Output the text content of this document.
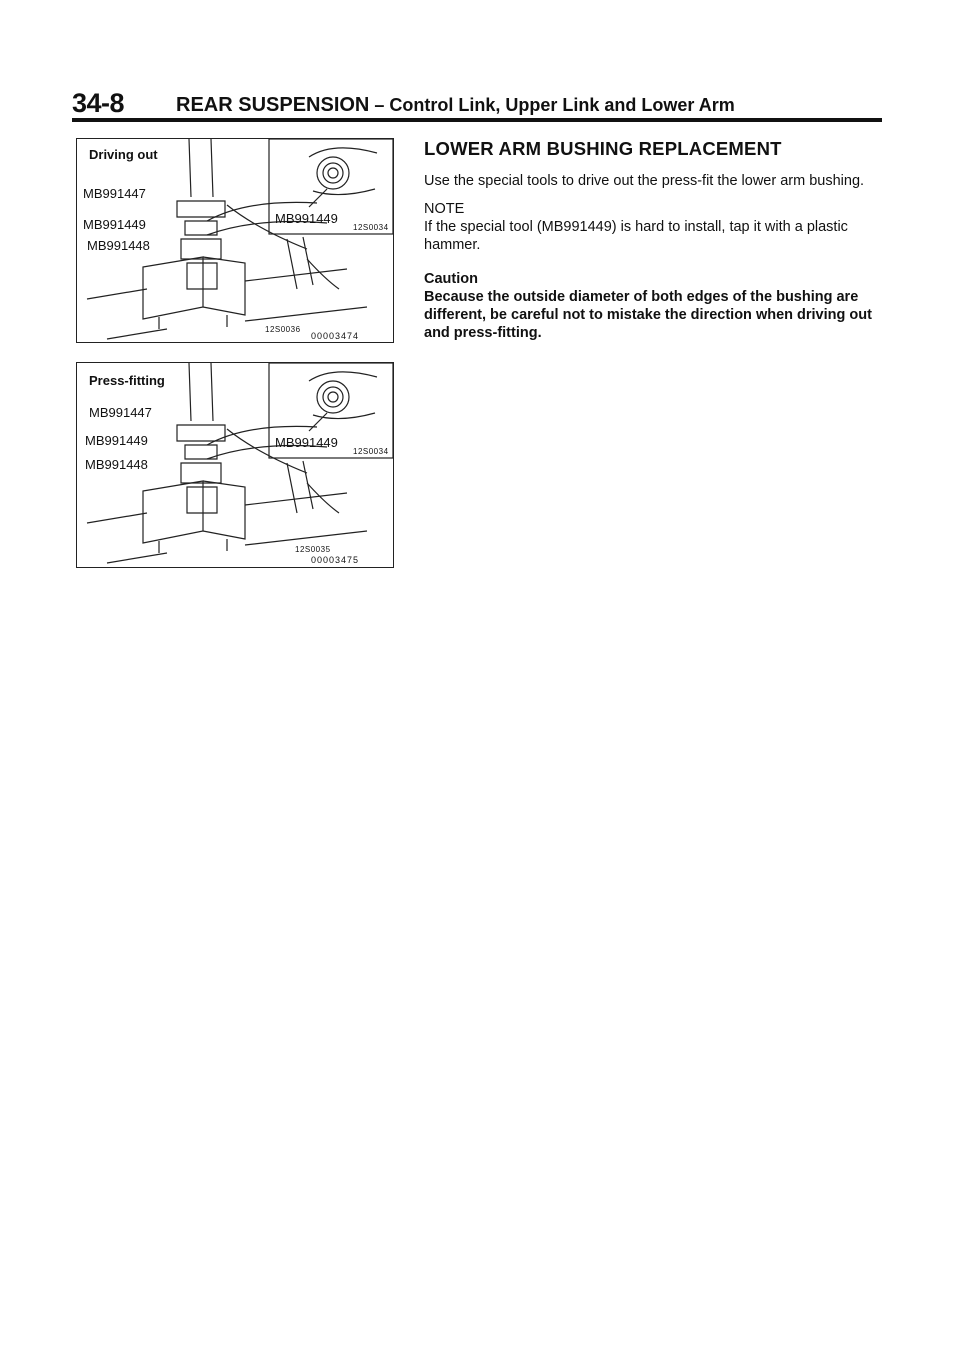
34-8	REAR SUSPENSION – Control Link, Upper Link and Lower Arm
Driving out
MB991447
MB991449
MB991448
MB991449
12S0034
12S0036
00003474
Press-fitting
MB991447
MB991449
MB991448
MB991449
12S0034
12S0035
00003475
LOWER ARM BUSHING REPLACEMENT

Use the special tools to drive out the press-fit the lower arm bushing.

NOTE

If the special tool (MB991449) is hard to install, tap it with a plastic hammer.

Caution

Because the outside diameter of both edges of the bushing are different, be careful not to mistake the direction when driving out and press-fitting.
